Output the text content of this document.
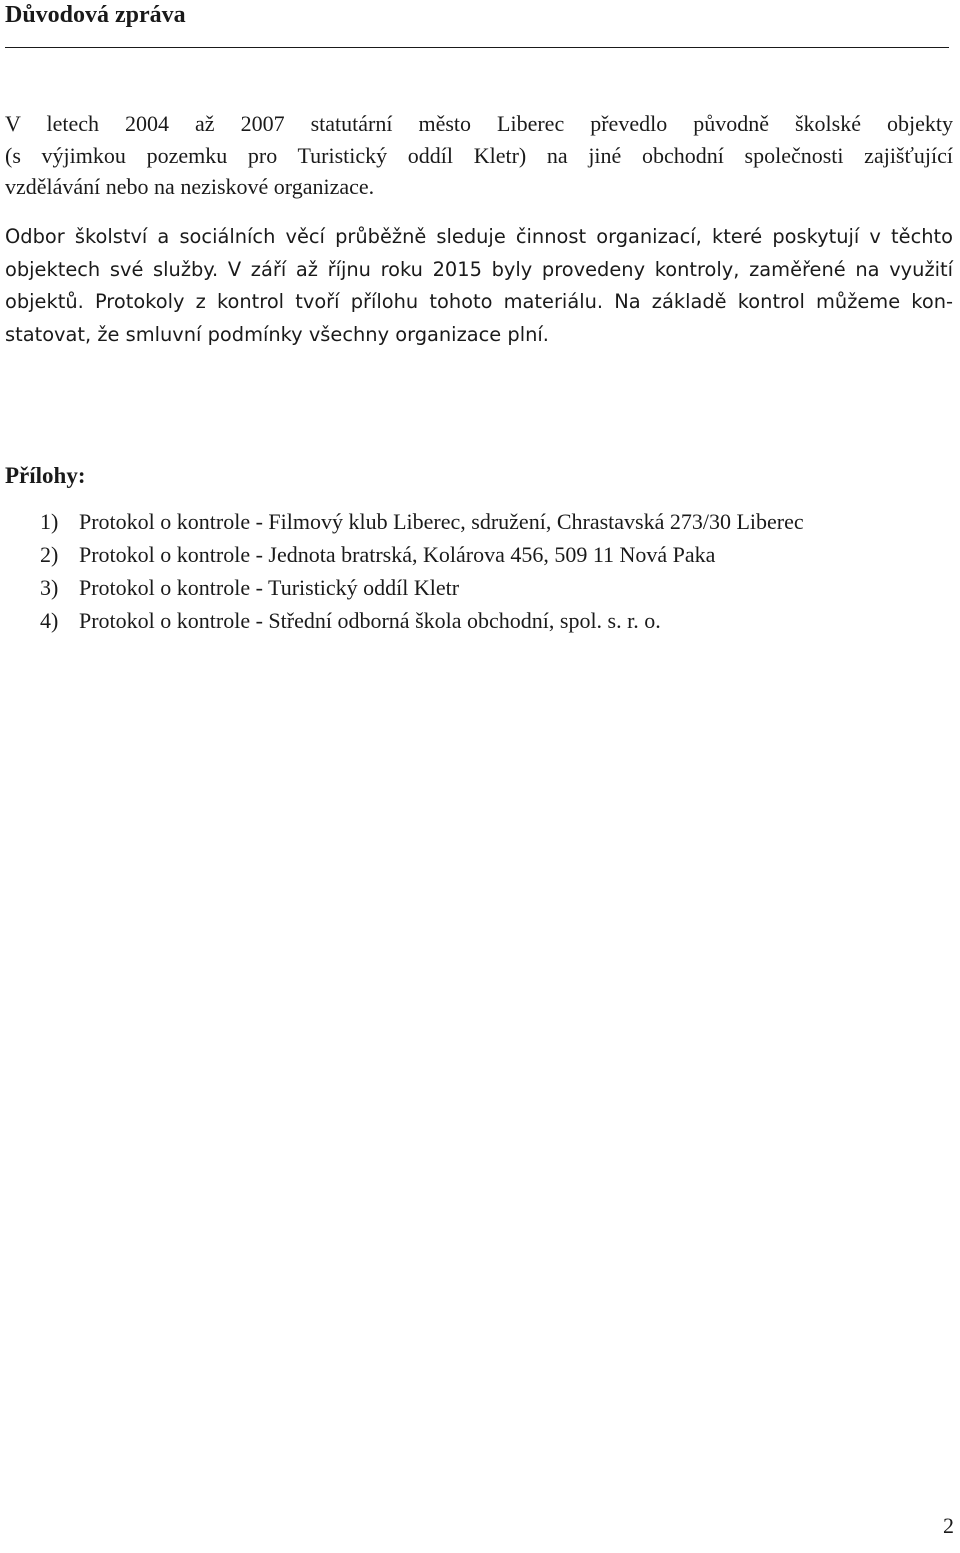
Důvodová zpráva

V letech 2004 až 2007 statutární město Liberec převedlo původně školské objekty
(s výjimkou pozemku pro Turistický oddíl Kletr) na jiné obchodní společnosti zajišťující
vzdělávání nebo na neziskové organizace.

Odbor školství a sociálních věcí průběžně sleduje činnost organizací, které poskytují v těchto
objektech své služby. V září až říjnu roku 2015 byly provedeny kontroly, zaměřené na využití
objektů. Protokoly z kontrol tvoří přílohu tohoto materiálu. Na základě kontrol můžeme kon-
statovat, že smluvní podmínky všechny organizace plní.

Přílohy:
1) Protokol o kontrole - Filmový klub Liberec, sdružení, Chrastavská 273/30 Liberec
2) Protokol o kontrole - Jednota bratrská, Kolárova 456, 509 11 Nová Paka
3) Protokol o kontrole - Turistický oddíl Kletr
4) Protokol o kontrole - Střední odborná škola obchodní, spol. s. r. o.
2
